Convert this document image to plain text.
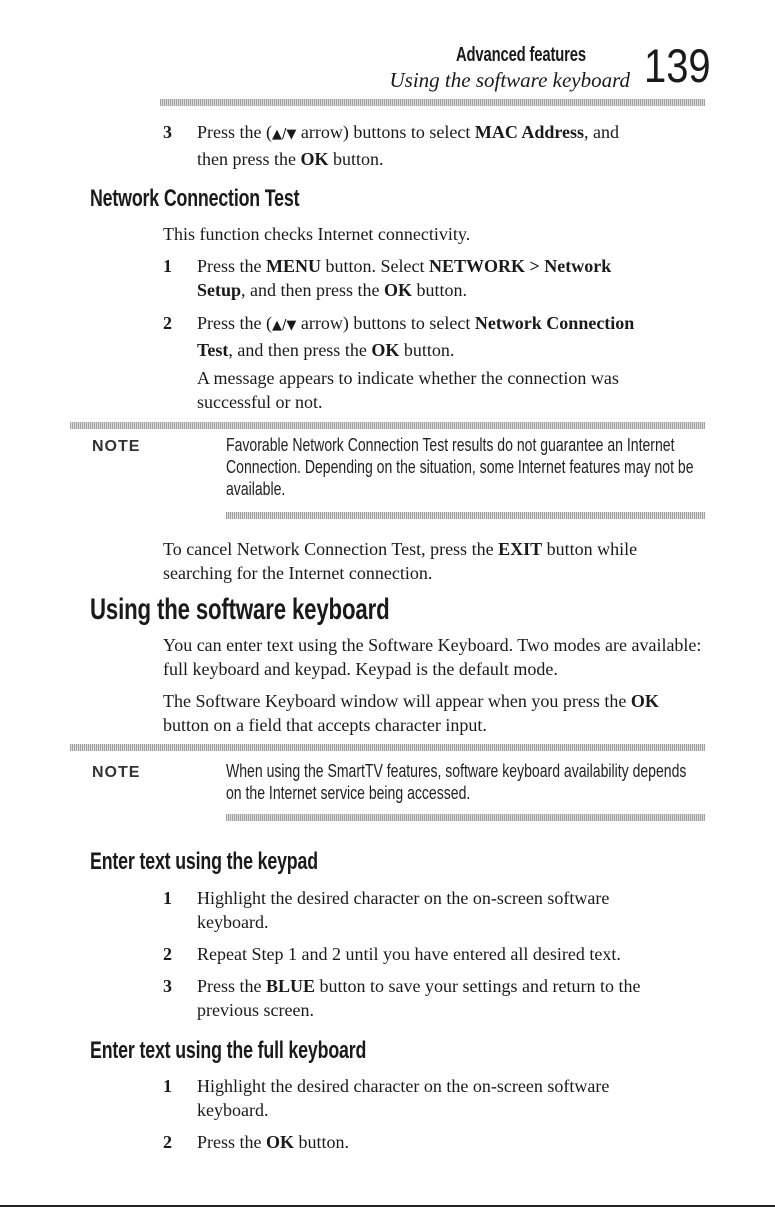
Advanced features
Using the software keyboard 139
3 Press the (▲/▼ arrow) buttons to select MAC Address, and
then press the OK button.
Network Connection Test
This function checks Internet connectivity.
1 Press the MENU button. Select NETWORK > Network
Setup, and then press the OK button.
2 Press the (▲/▼ arrow) buttons to select Network Connection
Test, and then press the OK button.
A message appears to indicate whether the connection was successful or not.
NOTE	Favorable Network Connection Test results do not guarantee an Internet Connection. Depending on the situation, some Internet features may not be available.
To cancel Network Connection Test, press the EXIT button while searching for the Internet connection.
Using the software keyboard
You can enter text using the Software Keyboard. Two modes are available: full keyboard and keypad. Keypad is the default mode.
The Software Keyboard window will appear when you press the OK button on a field that accepts character input.
NOTE	When using the SmartTV features, software keyboard availability depends on the Internet service being accessed.
Enter text using the keypad
1 Highlight the desired character on the on-screen software keyboard.
2 Repeat Step 1 and 2 until you have entered all desired text.
3 Press the BLUE button to save your settings and return to the previous screen.
Enter text using the full keyboard
1 Highlight the desired character on the on-screen software keyboard.
2 Press the OK button.
